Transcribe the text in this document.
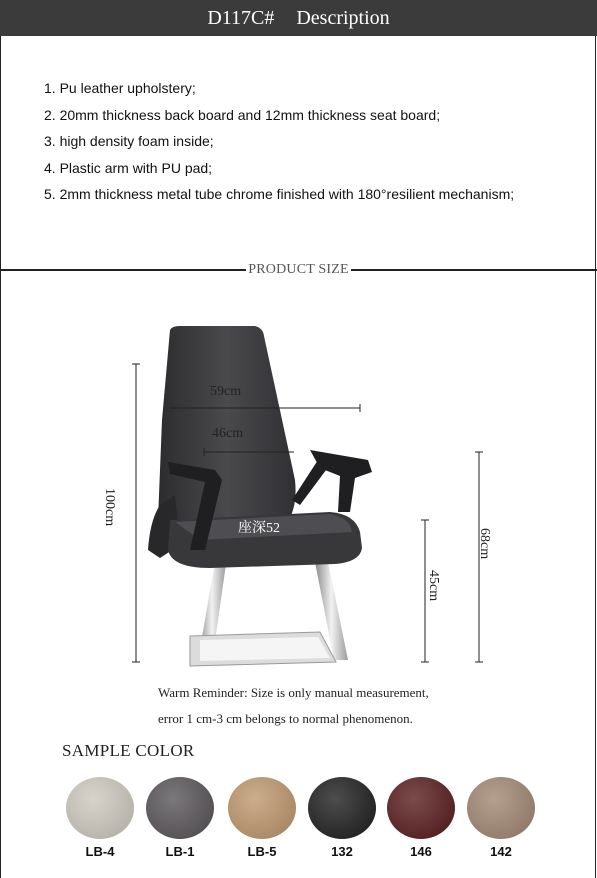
D117C# Description
1. Pu leather upholstery;
2. 20mm thickness back board and 12mm thickness seat board;
3. high density foam inside;
4. Plastic arm with PU pad;
5. 2mm thickness metal tube chrome finished with 180°resilient mechanism;
PRODUCT SIZE
59cm
46cm
座深52
100cm
68cm
45cm
Warm Reminder: Size is only manual measurement,
error 1 cm-3 cm belongs to normal phenomenon.
SAMPLE COLOR
LB-4	LB-1	LB-5	132	146	142
